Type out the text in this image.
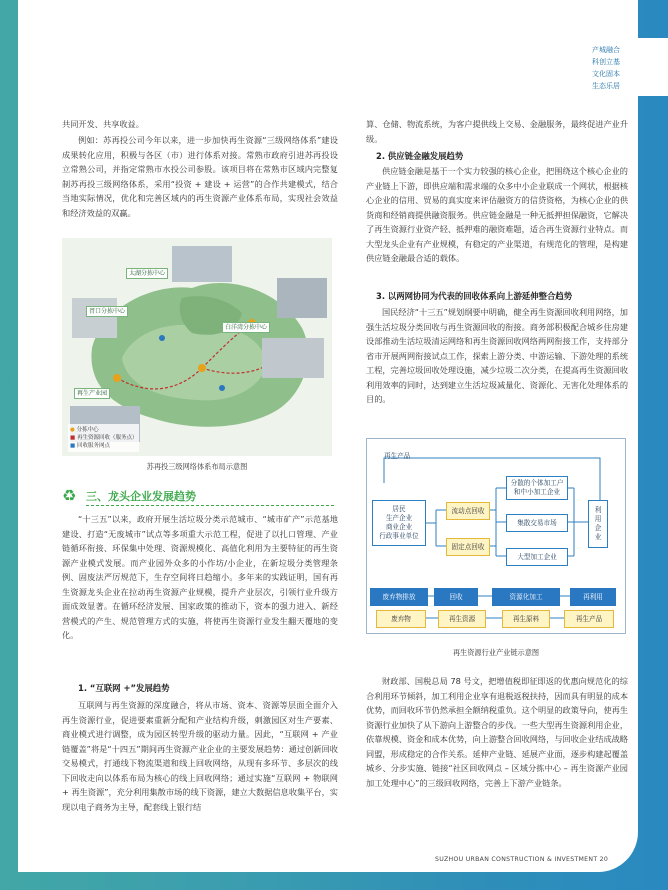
产城融合
科创立基
文化固本
生态乐居
共同开发、共享收益。
例如：苏再投公司今年以来，进一步加快再生资源“三级网络体系”建设成果转化应用，积极与各区（市）进行体系对接。常熟市政府引进苏再投设立常熟公司，并指定常熟市水投公司参股。该项目将在常熟市区域内完整复制苏再投三级网络体系，采用“投资 + 建设 + 运营”的合作共建模式，结合当地实际情况，优化和完善区域内的再生资源产业体系布局，实现社会效益和经济效益的双赢。
太湖分拣中心
胥口分拣中心
白洋湾分拣中心
再生产业园
● 分拣中心
■ 再生资源回收（服务点）
■ 回收服务网点
苏再投三级网络体系布局示意图
♻ 三、龙头企业发展趋势
“十三五”以来，政府开展生活垃圾分类示范城市、“城市矿产”示范基地建设、打造“无废城市”试点等多项重大示范工程，促进了以扎口管理、产业链循环衔接、环保集中处理、资源规模化、高值化利用为主要特征的再生资源产业模式发展。而产业园外众多的小作坊/小企业，在新垃圾分类管理条例、固废法严厉规范下，生存空间将日趋缩小。多年来的实践证明，国有再生资源龙头企业在拉动再生资源产业规模，提升产业层次，引领行业升级方面成效显著。在循环经济发展、国家政策的推动下，资本的强力进入、新经营模式的产生、规范管理方式的实施，将使再生资源行业发生翻天覆地的变化。
1. “互联网 +”发展趋势
互联网与再生资源的深度融合，将从市场、资本、资源等层面全面介入再生资源行业，促进要素重新分配和产业结构升级，刺激园区对生产要素、商业模式进行调整，成为园区转型升级的驱动力量。因此，“互联网 + 产业链覆盖”将是“十四五”期间再生资源产业企业的主要发展趋势：通过创新回收交易模式，打通线下物流渠道和线上回收网络，从现有多环节、多层次的线下回收走向以体系布局为核心的线上回收网络；通过实施“互联网 + 物联网 + 再生资源”，充分利用集散市场的线下资源，建立大数据信息收集平台，实现以电子商务为主导，配套线上银行结
算、仓储、物流系统，为客户提供线上交易、金融服务，最终促进产业升级。
2. 供应链金融发展趋势
供应链金融是基于一个实力较强的核心企业，把围绕这个核心企业的产业链上下游，即供应端和需求端的众多中小企业联成一个网状，根据核心企业的信用、贸易的真实度来评估融资方的信贷资格，为核心企业的供货商和经销商提供融资服务。供应链金融是一种无抵押担保融资，它解决了再生资源行业资产轻、抵押难的融资难题，适合再生资源行业特点。而大型龙头企业有产业规模，有稳定的产业渠道，有规范化的管理，是构建供应链金融最合适的载体。
3. 以两网协同为代表的回收体系向上游延伸整合趋势
国民经济“十三五”规划纲要中明确，健全再生资源回收利用网络，加强生活垃圾分类回收与再生资源回收的衔接。商务部积极配合城乡住房建设部推动生活垃圾清运网络和再生资源回收网络两网衔接工作，支持部分省市开展两网衔接试点工作，探索上游分类、中游运输、下游处理的系统工程，完善垃圾回收处理设施，减少垃圾二次分类，在提高再生资源回收利用效率的同时，达到建立生活垃圾减量化、资源化、无害化处理体系的目的。
再生产品
居民
生产企业
商业企业
行政事业单位
流动点回收
固定点回收
分散的个体加工户
和中小加工企业
集散交易市场
大型加工企业
利
用
企
业
废弃物排放	回收	资源化加工	再利用
废弃物	再生资源	再生原料	再生产品
再生资源行业产业链示意图
财政部、国税总局 78 号文，把增值税即征即返的优惠向规范化的综合利用环节倾斜，加工利用企业享有退税返税扶持，因而具有明显的成本优势，而回收环节仍然承担全额纳税重负。这个明显的政策导向，使再生资源行业加快了从下游向上游整合的步伐。一些大型再生资源利用企业，依靠规模、资金和成本优势，向上游整合回收网络，与回收企业结成战略同盟，形成稳定的合作关系。延伸产业链、延展产业面，逐步构建起覆盖城乡、分步实施、链接“社区回收网点 – 区域分拣中心 – 再生资源产业园加工处理中心”的三级回收网络，完善上下游产业链条。
SUZHOU URBAN CONSTRUCTION & INVESTMENT 20
